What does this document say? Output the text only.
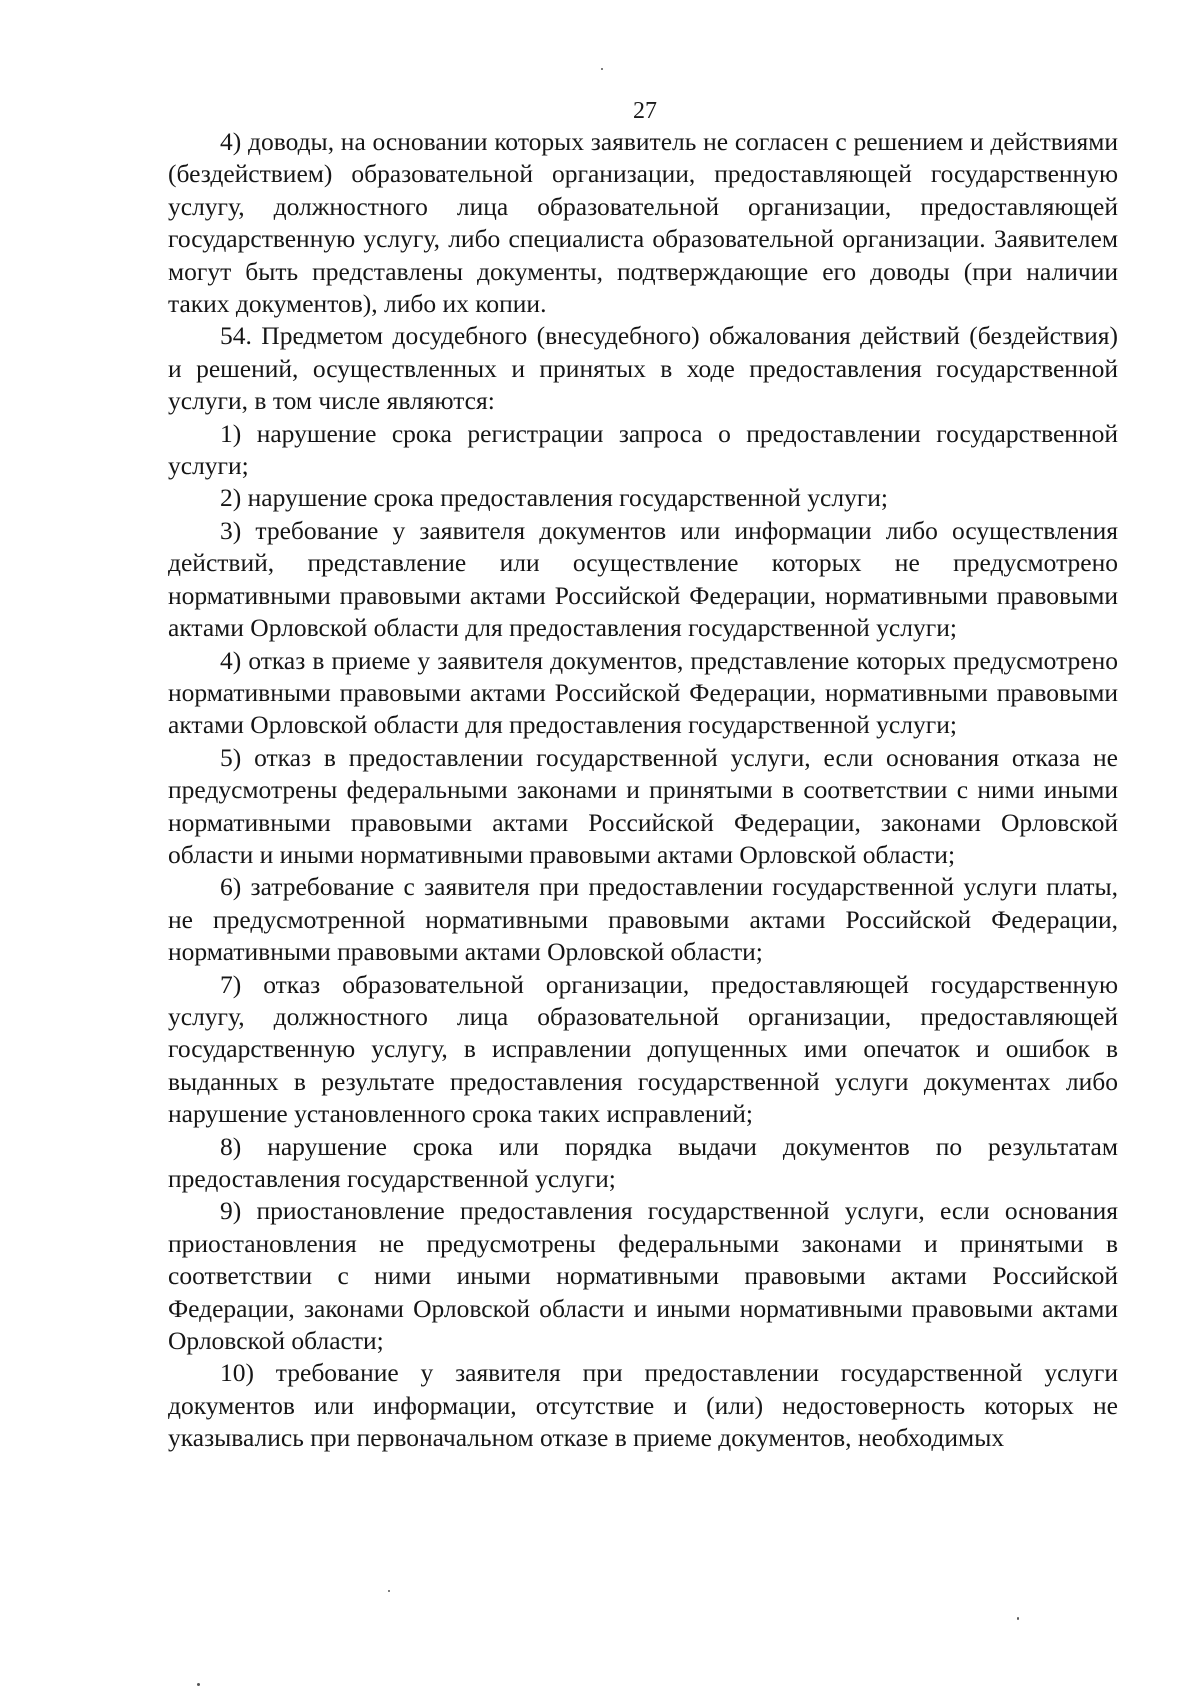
27

4) доводы, на основании которых заявитель не согласен с решением и действиями (бездействием) образовательной организации, предоставляющей государственную услугу, должностного лица образовательной организации, предоставляющей государственную услугу, либо специалиста образовательной организации. Заявителем могут быть представлены документы, подтверждающие его доводы (при наличии таких документов), либо их копии.

54. Предметом досудебного (внесудебного) обжалования действий (бездействия) и решений, осуществленных и принятых в ходе предоставления государственной услуги, в том числе являются:

1) нарушение срока регистрации запроса о предоставлении государственной услуги;

2) нарушение срока предоставления государственной услуги;

3) требование у заявителя документов или информации либо осуществления действий, представление или осуществление которых не предусмотрено нормативными правовыми актами Российской Федерации, нормативными правовыми актами Орловской области для предоставления государственной услуги;

4) отказ в приеме у заявителя документов, представление которых предусмотрено нормативными правовыми актами Российской Федерации, нормативными правовыми актами Орловской области для предоставления государственной услуги;

5) отказ в предоставлении государственной услуги, если основания отказа не предусмотрены федеральными законами и принятыми в соответствии с ними иными нормативными правовыми актами Российской Федерации, законами Орловской области и иными нормативными правовыми актами Орловской области;

6) затребование с заявителя при предоставлении государственной услуги платы, не предусмотренной нормативными правовыми актами Российской Федерации, нормативными правовыми актами Орловской области;

7) отказ образовательной организации, предоставляющей государственную услугу, должностного лица образовательной организации, предоставляющей государственную услугу, в исправлении допущенных ими опечаток и ошибок в выданных в результате предоставления государственной услуги документах либо нарушение установленного срока таких исправлений;

8) нарушение срока или порядка выдачи документов по результатам предоставления государственной услуги;

9) приостановление предоставления государственной услуги, если основания приостановления не предусмотрены федеральными законами и принятыми в соответствии с ними иными нормативными правовыми актами Российской Федерации, законами Орловской области и иными нормативными правовыми актами Орловской области;

10) требование у заявителя при предоставлении государственной услуги документов или информации, отсутствие и (или) недостоверность которых не указывались при первоначальном отказе в приеме документов, необходимых
